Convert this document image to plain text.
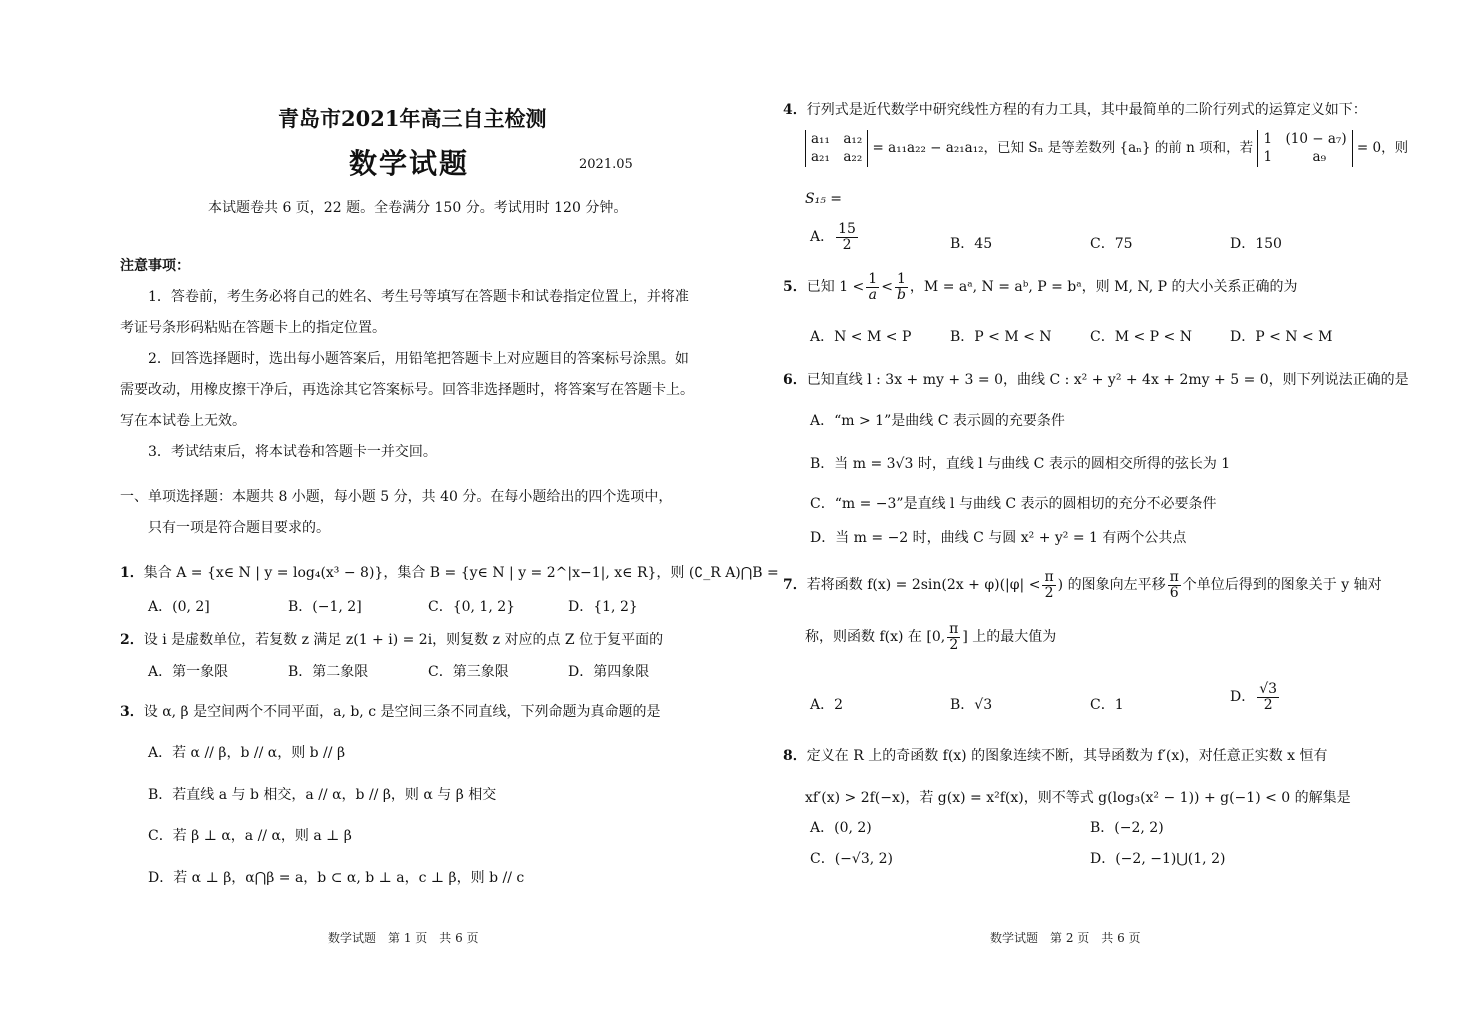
青岛市2021年高三自主检测
数学试题	2021.05
本试题卷共 6 页，22 题。全卷满分 150 分。考试用时 120 分钟。
注意事项：
1．答卷前，考生务必将自己的姓名、考生号等填写在答题卡和试卷指定位置上，并将准
考证号条形码粘贴在答题卡上的指定位置。
2．回答选择题时，选出每小题答案后，用铅笔把答题卡上对应题目的答案标号涂黑。如
需要改动，用橡皮擦干净后，再选涂其它答案标号。回答非选择题时，将答案写在答题卡上。
写在本试卷上无效。
3．考试结束后，将本试卷和答题卡一并交回。
一、单项选择题：本题共 8 小题，每小题 5 分，共 40 分。在每小题给出的四个选项中，
只有一项是符合题目要求的。
1．集合 A = {x∈ N | y = log₄(x³ − 8)}，集合 B = {y∈ N | y = 2^|x−1|, x∈ R}，则 (∁_R A)⋂B =
A．(0, 2]	B．(−1, 2]	C．{0, 1, 2}	D．{1, 2}
2．设 i 是虚数单位，若复数 z 满足 z(1 + i) = 2i，则复数 z 对应的点 Z 位于复平面的
A．第一象限	B．第二象限	C．第三象限	D．第四象限
3．设 α, β 是空间两个不同平面，a, b, c 是空间三条不同直线，下列命题为真命题的是
A．若 α // β，b // α，则 b // β
B．若直线 a 与 b 相交，a // α，b // β，则 α 与 β 相交
C．若 β ⊥ α，a // α，则 a ⊥ β
D．若 α ⊥ β，α⋂β = a，b ⊂ α, b ⊥ a，c ⊥ β，则 b // c
数学试题　第 1 页　共 6 页
4．行列式是近代数学中研究线性方程的有力工具，其中最简单的二阶行列式的运算定义如下：
a₁₁　a₁₂
a₂₁　a₂₂
= a₁₁a₂₂ − a₂₁a₁₂，已知 Sₙ 是等差数列 {aₙ} 的前 n 项和，若
1　(10 − a₇)
1　　　a₉
= 0，则
S₁₅ =
A． $\frac{15}{2}$	B．45	C．75	D．150
5．已知 $1 < \frac{1}{a} < \frac{1}{b}$ ，M = aᵃ, N = aᵇ, P = bᵃ，则 M, N, P 的大小关系正确的为
A．N < M < P	B．P < M < N	C．M < P < N	D．P < N < M
6．已知直线 l : 3x + my + 3 = 0，曲线 C : x² + y² + 4x + 2my + 5 = 0，则下列说法正确的是
A．“m > 1”是曲线 C 表示圆的充要条件
B．当 m = 3√3 时，直线 l 与曲线 C 表示的圆相交所得的弦长为 1
C．“m = −3”是直线 l 与曲线 C 表示的圆相切的充分不必要条件
D．当 m = −2 时，曲线 C 与圆 x² + y² = 1 有两个公共点
7．若将函数 $f(x) = 2\sin(2x + \varphi)(|\varphi| < \frac{\pi}{2}$ ) 的图象向左平移 $\frac{\pi}{6}$ 个单位后得到的图象关于 y 轴对
称，则函数 f(x) 在 [0, $\frac{\pi}{2}$ ] 上的最大值为
A．2	B．√3	C．1	D． $\frac{√3}{2}$
8．定义在 R 上的奇函数 f(x) 的图象连续不断，其导函数为 f′(x)，对任意正实数 x 恒有
xf′(x) > 2f(−x)，若 g(x) = x²f(x)，则不等式 g(log₃(x² − 1)) + g(−1) < 0 的解集是
A．(0, 2)	B．(−2, 2)
C．(−√3, 2)	D．(−2, −1)⋃(1, 2)
数学试题　第 2 页　共 6 页
